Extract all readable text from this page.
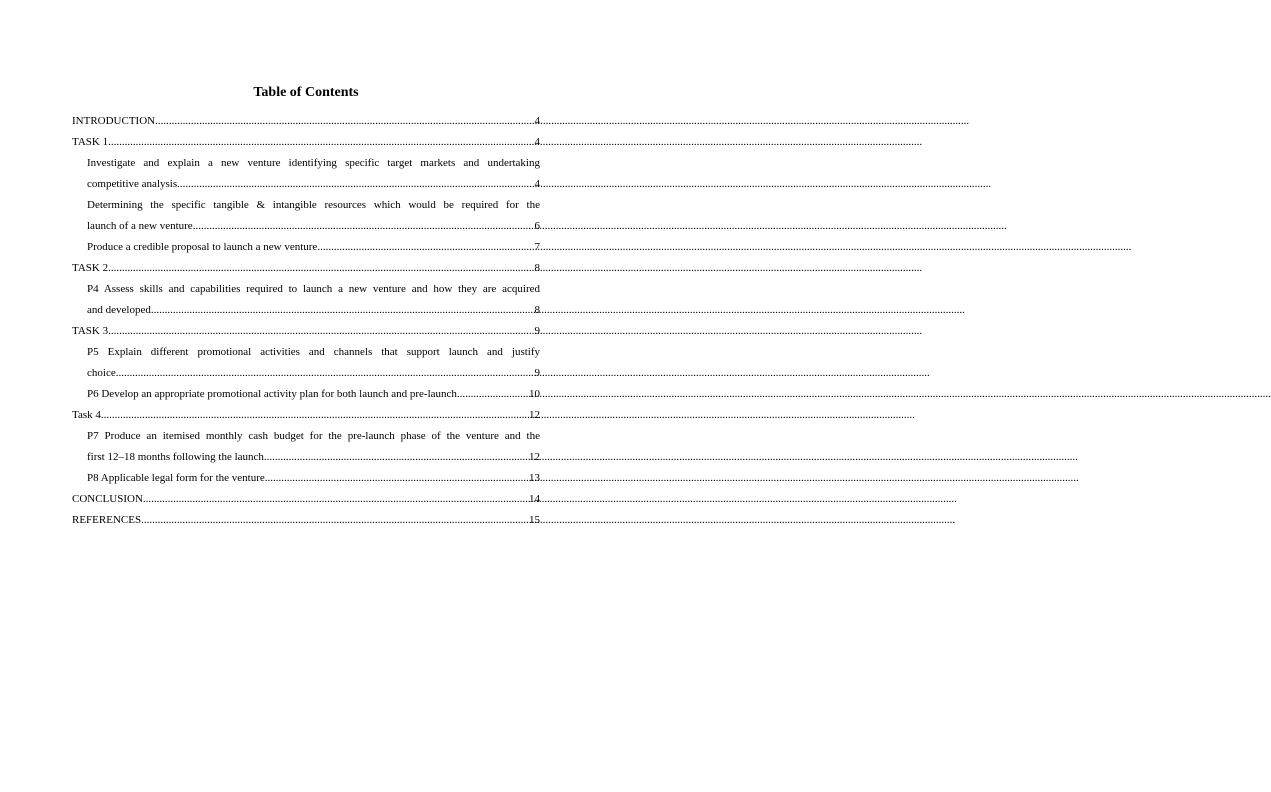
Table of Contents
INTRODUCTION .....	4
TASK 1 .....	4
Investigate and explain a new venture identifying specific target markets and undertaking
competitive analysis .....	4
Determining the specific tangible & intangible resources which would be required for the
launch of a new venture .....	6
Produce a credible proposal to launch a new venture .....	7
TASK 2 .....	8
P4 Assess skills and capabilities required to launch a new venture and how they are acquired
and developed .....	8
TASK 3 .....	9
P5 Explain different promotional activities and channels that support launch and justify
choice .....	9
P6 Develop an appropriate promotional activity plan for both launch and pre-launch .....	10
Task 4 .....	12
P7 Produce an itemised monthly cash budget for the pre-launch phase of the venture and the
first 12–18 months following the launch .....	12
P8 Applicable legal form for the venture .....	13
CONCLUSION .....	14
REFERENCES .....	15
